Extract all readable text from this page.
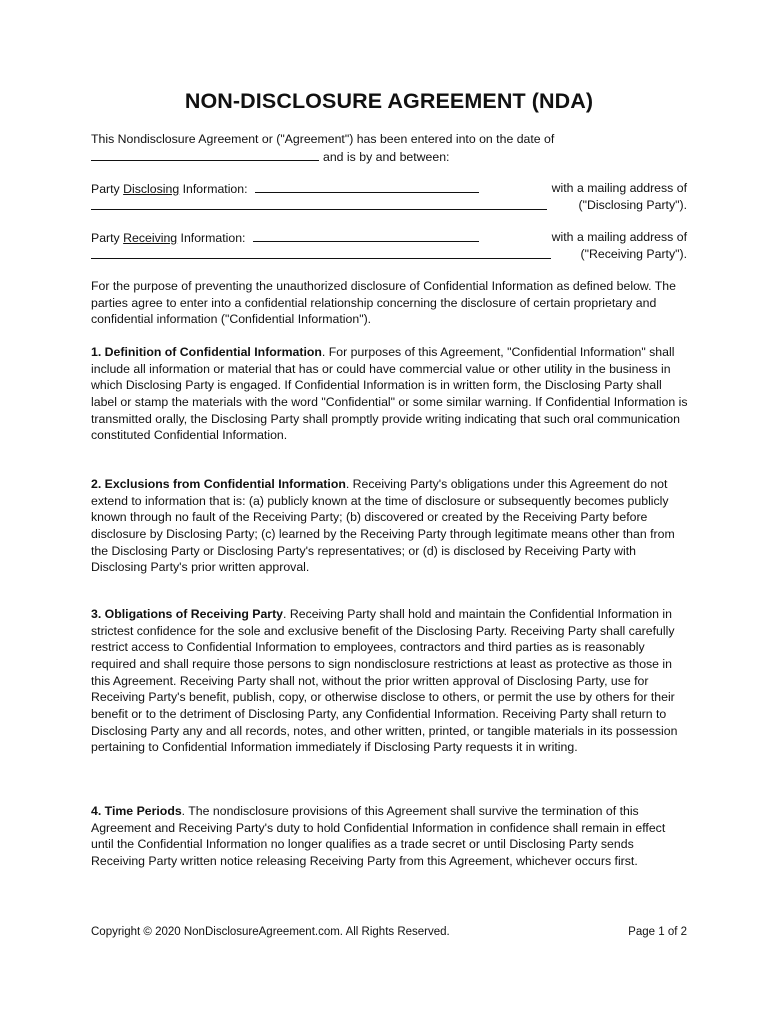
NON-DISCLOSURE AGREEMENT (NDA)
This Nondisclosure Agreement or ("Agreement") has been entered into on the date of
and is by and between:
Party Disclosing Information:	with a mailing address of
("Disclosing Party").
Party Receiving Information:	with a mailing address of
("Receiving Party").

For the purpose of preventing the unauthorized disclosure of Confidential Information as defined below. The parties agree to enter into a confidential relationship concerning the disclosure of certain proprietary and confidential information ("Confidential Information").

1. Definition of Confidential Information. For purposes of this Agreement, "Confidential Information" shall include all information or material that has or could have commercial value or other utility in the business in which Disclosing Party is engaged. If Confidential Information is in written form, the Disclosing Party shall label or stamp the materials with the word "Confidential" or some similar warning. If Confidential Information is transmitted orally, the Disclosing Party shall promptly provide writing indicating that such oral communication constituted Confidential Information.

2. Exclusions from Confidential Information. Receiving Party's obligations under this Agreement do not extend to information that is: (a) publicly known at the time of disclosure or subsequently becomes publicly known through no fault of the Receiving Party; (b) discovered or created by the Receiving Party before disclosure by Disclosing Party; (c) learned by the Receiving Party through legitimate means other than from the Disclosing Party or Disclosing Party's representatives; or (d) is disclosed by Receiving Party with Disclosing Party's prior written approval.

3. Obligations of Receiving Party. Receiving Party shall hold and maintain the Confidential Information in strictest confidence for the sole and exclusive benefit of the Disclosing Party. Receiving Party shall carefully restrict access to Confidential Information to employees, contractors and third parties as is reasonably required and shall require those persons to sign nondisclosure restrictions at least as protective as those in this Agreement. Receiving Party shall not, without the prior written approval of Disclosing Party, use for Receiving Party's benefit, publish, copy, or otherwise disclose to others, or permit the use by others for their benefit or to the detriment of Disclosing Party, any Confidential Information. Receiving Party shall return to Disclosing Party any and all records, notes, and other written, printed, or tangible materials in its possession pertaining to Confidential Information immediately if Disclosing Party requests it in writing.

4. Time Periods. The nondisclosure provisions of this Agreement shall survive the termination of this Agreement and Receiving Party's duty to hold Confidential Information in confidence shall remain in effect until the Confidential Information no longer qualifies as a trade secret or until Disclosing Party sends Receiving Party written notice releasing Receiving Party from this Agreement, whichever occurs first.

Copyright © 2020 NonDisclosureAgreement.com. All Rights Reserved.	Page 1 of 2
